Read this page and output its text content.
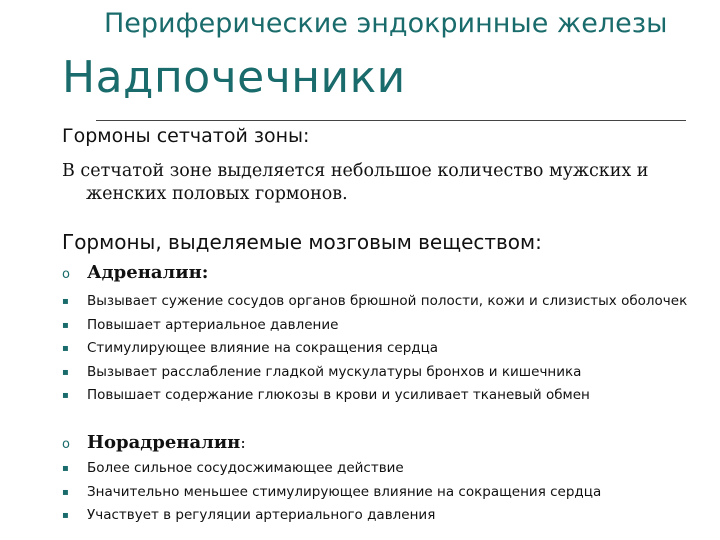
Периферические эндокринные железы
Надпочечники
Гормоны сетчатой зоны:
В сетчатой зоне выделяется небольшое количество мужских и
женских половых гормонов.
Гормоны, выделяемые мозговым веществом:
o Адреналин:
▪	Вызывает сужение сосудов органов брюшной полости, кожи и слизистых оболочек
▪	Повышает артериальное давление
▪	Стимулирующее влияние на сокращения сердца
▪	Вызывает расслабление гладкой мускулатуры бронхов и кишечника
▪	Повышает содержание глюкозы в крови и усиливает тканевый обмен
o Норадреналин :
▪	Более сильное сосудосжимающее действие
▪	Значительно меньшее стимулирующее влияние на сокращения сердца
▪	Участвует в регуляции артериального давления
